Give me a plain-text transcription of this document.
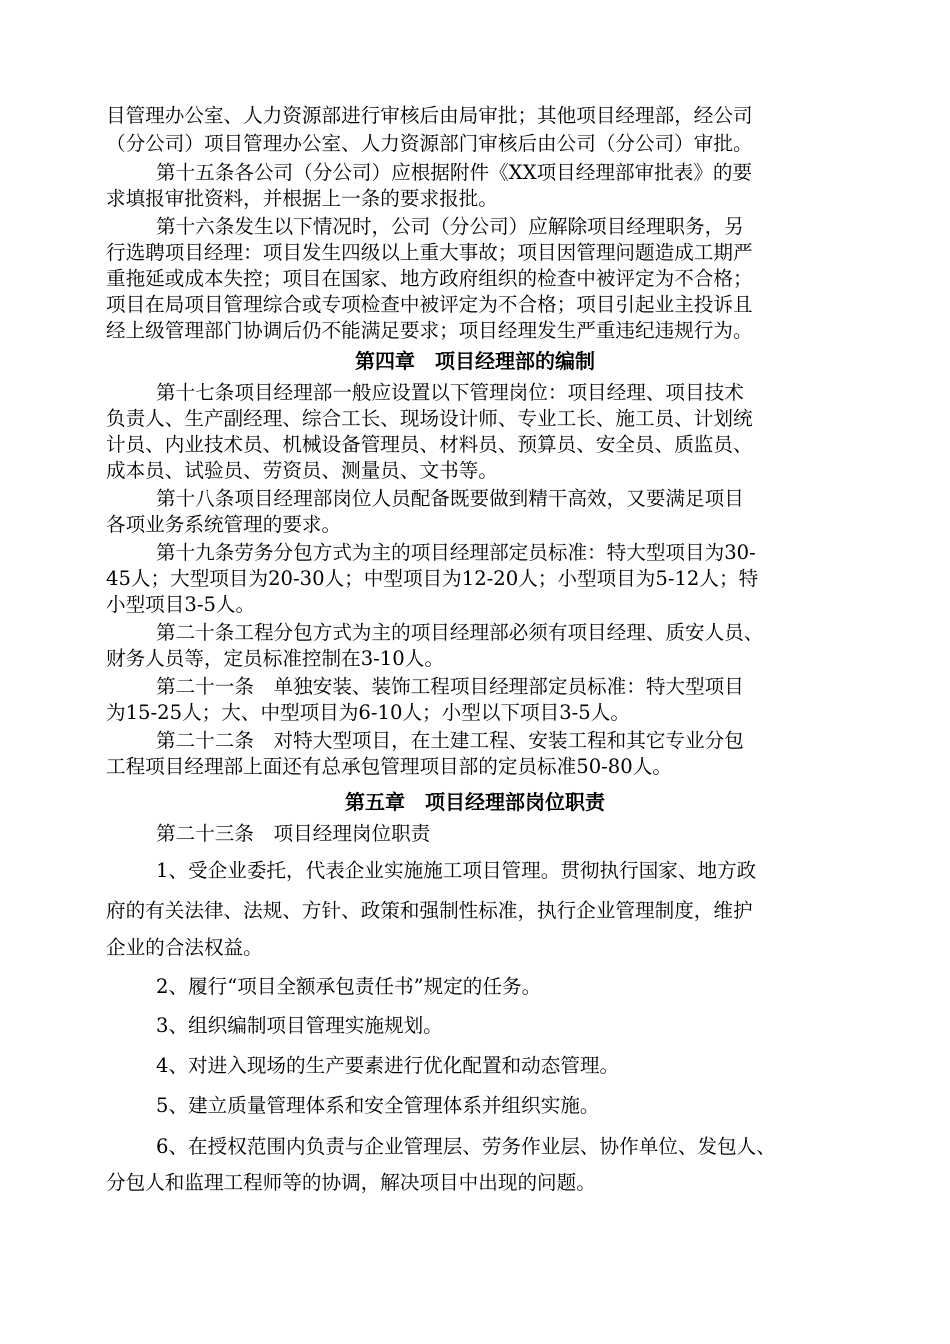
目管理办公室、人力资源部进行审核后由局审批；其他项目经理部，经公司
（分公司）项目管理办公室、人力资源部门审核后由公司（分公司）审批。
第十五条各公司（分公司）应根据附件《XX项目经理部审批表》的要
求填报审批资料，并根据上一条的要求报批。
第十六条发生以下情况时，公司（分公司）应解除项目经理职务，另
行选聘项目经理：项目发生四级以上重大事故；项目因管理问题造成工期严
重拖延或成本失控；项目在国家、地方政府组织的检查中被评定为不合格；
项目在局项目管理综合或专项检查中被评定为不合格；项目引起业主投诉且
经上级管理部门协调后仍不能满足要求；项目经理发生严重违纪违规行为。
第四章　项目经理部的编制
第十七条项目经理部一般应设置以下管理岗位：项目经理、项目技术
负责人、生产副经理、综合工长、现场设计师、专业工长、施工员、计划统
计员、内业技术员、机械设备管理员、材料员、预算员、安全员、质监员、
成本员、试验员、劳资员、测量员、文书等。
第十八条项目经理部岗位人员配备既要做到精干高效，又要满足项目
各项业务系统管理的要求。
第十九条劳务分包方式为主的项目经理部定员标准：特大型项目为30-
45人；大型项目为20-30人；中型项目为12-20人；小型项目为5-12人；特
小型项目3-5人。
第二十条工程分包方式为主的项目经理部必须有项目经理、质安人员、
财务人员等，定员标准控制在3-10人。
第二十一条　单独安装、装饰工程项目经理部定员标准：特大型项目
为15-25人；大、中型项目为6-10人；小型以下项目3-5人。
第二十二条　对特大型项目，在土建工程、安装工程和其它专业分包
工程项目经理部上面还有总承包管理项目部的定员标准50-80人。
第五章　项目经理部岗位职责
第二十三条　项目经理岗位职责
1、受企业委托，代表企业实施施工项目管理。贯彻执行国家、地方政
府的有关法律、法规、方针、政策和强制性标准，执行企业管理制度，维护
企业的合法权益。
2、履行“项目全额承包责任书”规定的任务。
3、组织编制项目管理实施规划。
4、对进入现场的生产要素进行优化配置和动态管理。
5、建立质量管理体系和安全管理体系并组织实施。
6、在授权范围内负责与企业管理层、劳务作业层、协作单位、发包人、
分包人和监理工程师等的协调，解决项目中出现的问题。
